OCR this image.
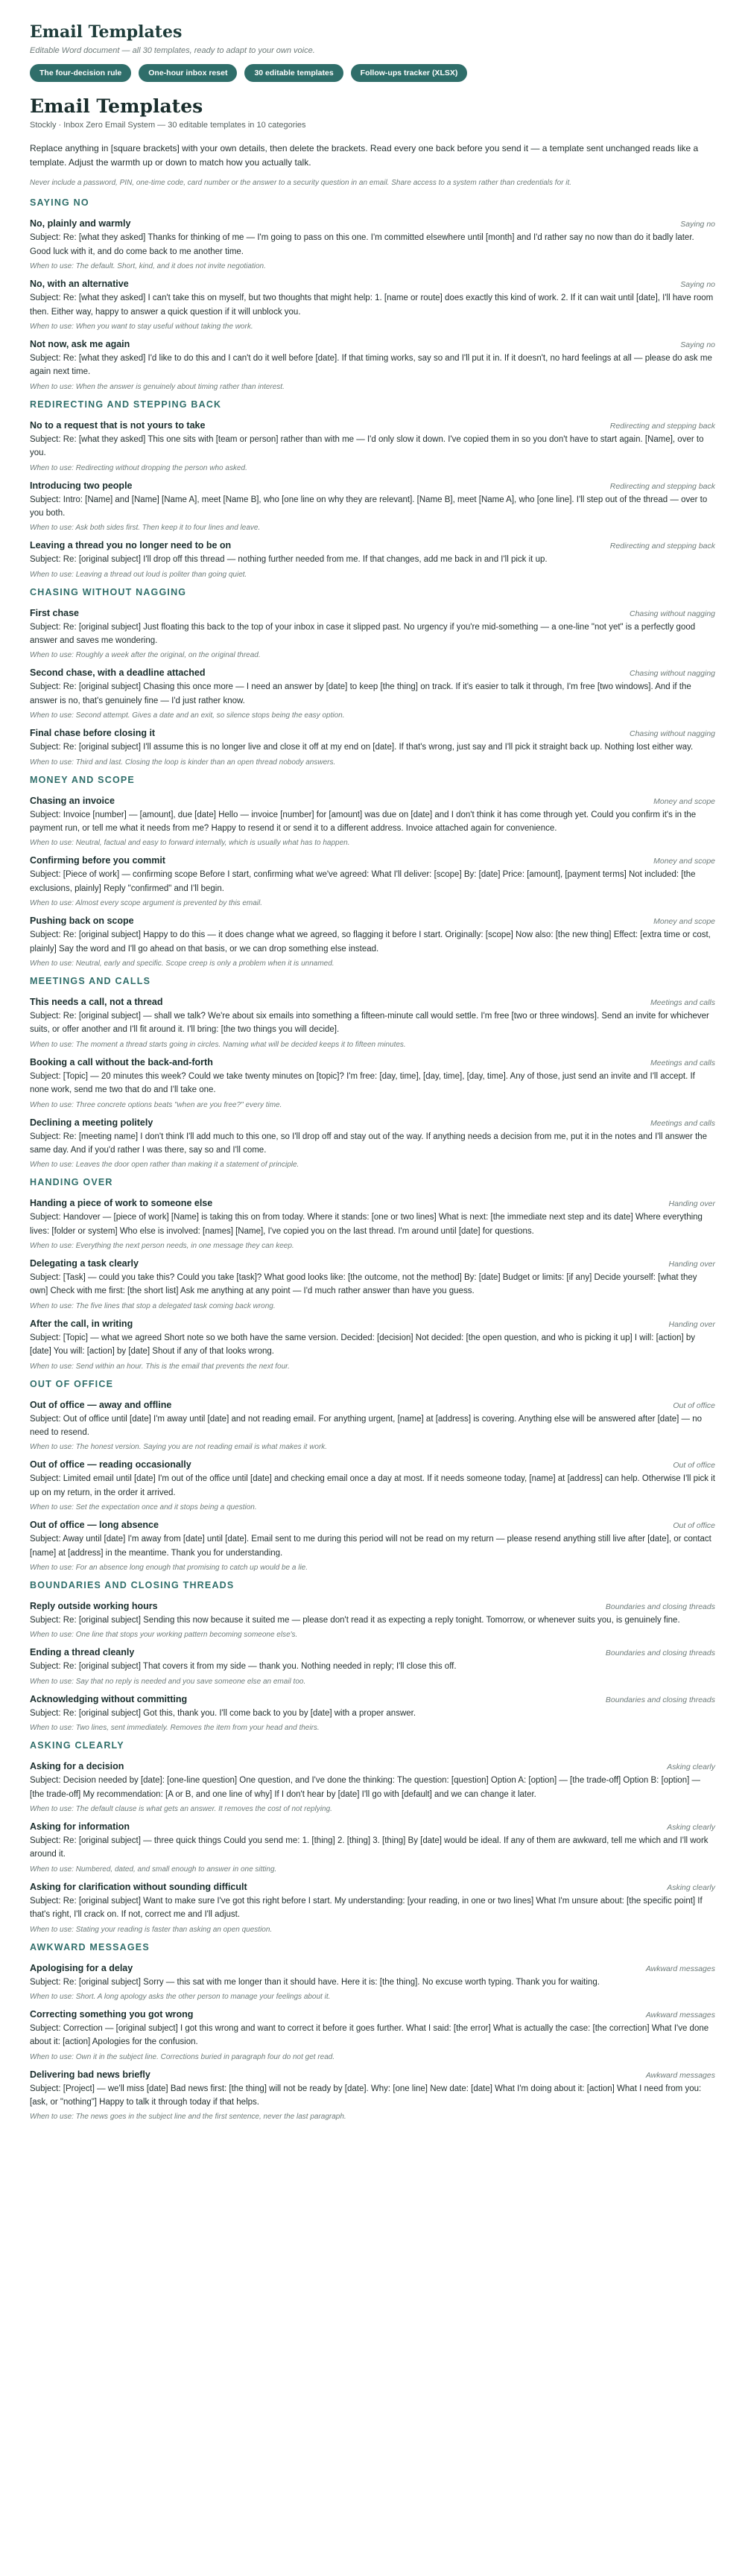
Email Templates
Editable Word document — all 30 templates, ready to adapt to your own voice.
The four-decision rule	One-hour inbox reset	30 editable templates	Follow-ups tracker (XLSX)
Email Templates
Stockly · Inbox Zero Email System — 30 editable templates in 10 categories
Replace anything in [square brackets] with your own details, then delete the brackets. Read every one back before you send it — a template sent unchanged reads like a template. Adjust the warmth up or down to match how you actually talk.
Never include a password, PIN, one-time code, card number or the answer to a security question in an email. Share access to a system rather than credentials for it.
SAYING NO
No, plainly and warmly	Saying no
Subject: Re: [what they asked] Thanks for thinking of me — I'm going to pass on this one. I'm committed elsewhere until [month] and I'd rather say no now than do it badly later. Good luck with it, and do come back to me another time.
When to use: The default. Short, kind, and it does not invite negotiation.
No, with an alternative	Saying no
Subject: Re: [what they asked] I can't take this on myself, but two thoughts that might help: 1. [name or route] does exactly this kind of work. 2. If it can wait until [date], I'll have room then. Either way, happy to answer a quick question if it will unblock you.
When to use: When you want to stay useful without taking the work.
Not now, ask me again	Saying no
Subject: Re: [what they asked] I'd like to do this and I can't do it well before [date]. If that timing works, say so and I'll put it in. If it doesn't, no hard feelings at all — please do ask me again next time.
When to use: When the answer is genuinely about timing rather than interest.
REDIRECTING AND STEPPING BACK
No to a request that is not yours to take	Redirecting and stepping back
Subject: Re: [what they asked] This one sits with [team or person] rather than with me — I'd only slow it down. I've copied them in so you don't have to start again. [Name], over to you.
When to use: Redirecting without dropping the person who asked.
Introducing two people	Redirecting and stepping back
Subject: Intro: [Name] and [Name] [Name A], meet [Name B], who [one line on why they are relevant]. [Name B], meet [Name A], who [one line]. I'll step out of the thread — over to you both.
When to use: Ask both sides first. Then keep it to four lines and leave.
Leaving a thread you no longer need to be on	Redirecting and stepping back
Subject: Re: [original subject] I'll drop off this thread — nothing further needed from me. If that changes, add me back in and I'll pick it up.
When to use: Leaving a thread out loud is politer than going quiet.
CHASING WITHOUT NAGGING
First chase	Chasing without nagging
Subject: Re: [original subject] Just floating this back to the top of your inbox in case it slipped past. No urgency if you're mid-something — a one-line "not yet" is a perfectly good answer and saves me wondering.
When to use: Roughly a week after the original, on the original thread.
Second chase, with a deadline attached	Chasing without nagging
Subject: Re: [original subject] Chasing this once more — I need an answer by [date] to keep [the thing] on track. If it's easier to talk it through, I'm free [two windows]. And if the answer is no, that's genuinely fine — I'd just rather know.
When to use: Second attempt. Gives a date and an exit, so silence stops being the easy option.
Final chase before closing it	Chasing without nagging
Subject: Re: [original subject] I'll assume this is no longer live and close it off at my end on [date]. If that's wrong, just say and I'll pick it straight back up. Nothing lost either way.
When to use: Third and last. Closing the loop is kinder than an open thread nobody answers.
MONEY AND SCOPE
Chasing an invoice	Money and scope
Subject: Invoice [number] — [amount], due [date] Hello — invoice [number] for [amount] was due on [date] and I don't think it has come through yet. Could you confirm it's in the payment run, or tell me what it needs from me? Happy to resend it or send it to a different address. Invoice attached again for convenience.
When to use: Neutral, factual and easy to forward internally, which is usually what has to happen.
Confirming before you commit	Money and scope
Subject: [Piece of work] — confirming scope Before I start, confirming what we've agreed: What I'll deliver: [scope] By: [date] Price: [amount], [payment terms] Not included: [the exclusions, plainly] Reply "confirmed" and I'll begin.
When to use: Almost every scope argument is prevented by this email.
Pushing back on scope	Money and scope
Subject: Re: [original subject] Happy to do this — it does change what we agreed, so flagging it before I start. Originally: [scope] Now also: [the new thing] Effect: [extra time or cost, plainly] Say the word and I'll go ahead on that basis, or we can drop something else instead.
When to use: Neutral, early and specific. Scope creep is only a problem when it is unnamed.
MEETINGS AND CALLS
This needs a call, not a thread	Meetings and calls
Subject: Re: [original subject] — shall we talk? We're about six emails into something a fifteen-minute call would settle. I'm free [two or three windows]. Send an invite for whichever suits, or offer another and I'll fit around it. I'll bring: [the two things you will decide].
When to use: The moment a thread starts going in circles. Naming what will be decided keeps it to fifteen minutes.
Booking a call without the back-and-forth	Meetings and calls
Subject: [Topic] — 20 minutes this week? Could we take twenty minutes on [topic]? I'm free: [day, time], [day, time], [day, time]. Any of those, just send an invite and I'll accept. If none work, send me two that do and I'll take one.
When to use: Three concrete options beats "when are you free?" every time.
Declining a meeting politely	Meetings and calls
Subject: Re: [meeting name] I don't think I'll add much to this one, so I'll drop off and stay out of the way. If anything needs a decision from me, put it in the notes and I'll answer the same day. And if you'd rather I was there, say so and I'll come.
When to use: Leaves the door open rather than making it a statement of principle.
HANDING OVER
Handing a piece of work to someone else	Handing over
Subject: Handover — [piece of work] [Name] is taking this on from today. Where it stands: [one or two lines] What is next: [the immediate next step and its date] Where everything lives: [folder or system] Who else is involved: [names] [Name], I've copied you on the last thread. I'm around until [date] for questions.
When to use: Everything the next person needs, in one message they can keep.
Delegating a task clearly	Handing over
Subject: [Task] — could you take this? Could you take [task]? What good looks like: [the outcome, not the method] By: [date] Budget or limits: [if any] Decide yourself: [what they own] Check with me first: [the short list] Ask me anything at any point — I'd much rather answer than have you guess.
When to use: The five lines that stop a delegated task coming back wrong.
After the call, in writing	Handing over
Subject: [Topic] — what we agreed Short note so we both have the same version. Decided: [decision] Not decided: [the open question, and who is picking it up] I will: [action] by [date] You will: [action] by [date] Shout if any of that looks wrong.
When to use: Send within an hour. This is the email that prevents the next four.
OUT OF OFFICE
Out of office — away and offline	Out of office
Subject: Out of office until [date] I'm away until [date] and not reading email. For anything urgent, [name] at [address] is covering. Anything else will be answered after [date] — no need to resend.
When to use: The honest version. Saying you are not reading email is what makes it work.
Out of office — reading occasionally	Out of office
Subject: Limited email until [date] I'm out of the office until [date] and checking email once a day at most. If it needs someone today, [name] at [address] can help. Otherwise I'll pick it up on my return, in the order it arrived.
When to use: Set the expectation once and it stops being a question.
Out of office — long absence	Out of office
Subject: Away until [date] I'm away from [date] until [date]. Email sent to me during this period will not be read on my return — please resend anything still live after [date], or contact [name] at [address] in the meantime. Thank you for understanding.
When to use: For an absence long enough that promising to catch up would be a lie.
BOUNDARIES AND CLOSING THREADS
Reply outside working hours	Boundaries and closing threads
Subject: Re: [original subject] Sending this now because it suited me — please don't read it as expecting a reply tonight. Tomorrow, or whenever suits you, is genuinely fine.
When to use: One line that stops your working pattern becoming someone else's.
Ending a thread cleanly	Boundaries and closing threads
Subject: Re: [original subject] That covers it from my side — thank you. Nothing needed in reply; I'll close this off.
When to use: Say that no reply is needed and you save someone else an email too.
Acknowledging without committing	Boundaries and closing threads
Subject: Re: [original subject] Got this, thank you. I'll come back to you by [date] with a proper answer.
When to use: Two lines, sent immediately. Removes the item from your head and theirs.
ASKING CLEARLY
Asking for a decision	Asking clearly
Subject: Decision needed by [date]: [one-line question] One question, and I've done the thinking: The question: [question] Option A: [option] — [the trade-off] Option B: [option] — [the trade-off] My recommendation: [A or B, and one line of why] If I don't hear by [date] I'll go with [default] and we can change it later.
When to use: The default clause is what gets an answer. It removes the cost of not replying.
Asking for information	Asking clearly
Subject: Re: [original subject] — three quick things Could you send me: 1. [thing] 2. [thing] 3. [thing] By [date] would be ideal. If any of them are awkward, tell me which and I'll work around it.
When to use: Numbered, dated, and small enough to answer in one sitting.
Asking for clarification without sounding difficult	Asking clearly
Subject: Re: [original subject] Want to make sure I've got this right before I start. My understanding: [your reading, in one or two lines] What I'm unsure about: [the specific point] If that's right, I'll crack on. If not, correct me and I'll adjust.
When to use: Stating your reading is faster than asking an open question.
AWKWARD MESSAGES
Apologising for a delay	Awkward messages
Subject: Re: [original subject] Sorry — this sat with me longer than it should have. Here it is: [the thing]. No excuse worth typing. Thank you for waiting.
When to use: Short. A long apology asks the other person to manage your feelings about it.
Correcting something you got wrong	Awkward messages
Subject: Correction — [original subject] I got this wrong and want to correct it before it goes further. What I said: [the error] What is actually the case: [the correction] What I've done about it: [action] Apologies for the confusion.
When to use: Own it in the subject line. Corrections buried in paragraph four do not get read.
Delivering bad news briefly	Awkward messages
Subject: [Project] — we'll miss [date] Bad news first: [the thing] will not be ready by [date]. Why: [one line] New date: [date] What I'm doing about it: [action] What I need from you: [ask, or "nothing"] Happy to talk it through today if that helps.
When to use: The news goes in the subject line and the first sentence, never the last paragraph.
